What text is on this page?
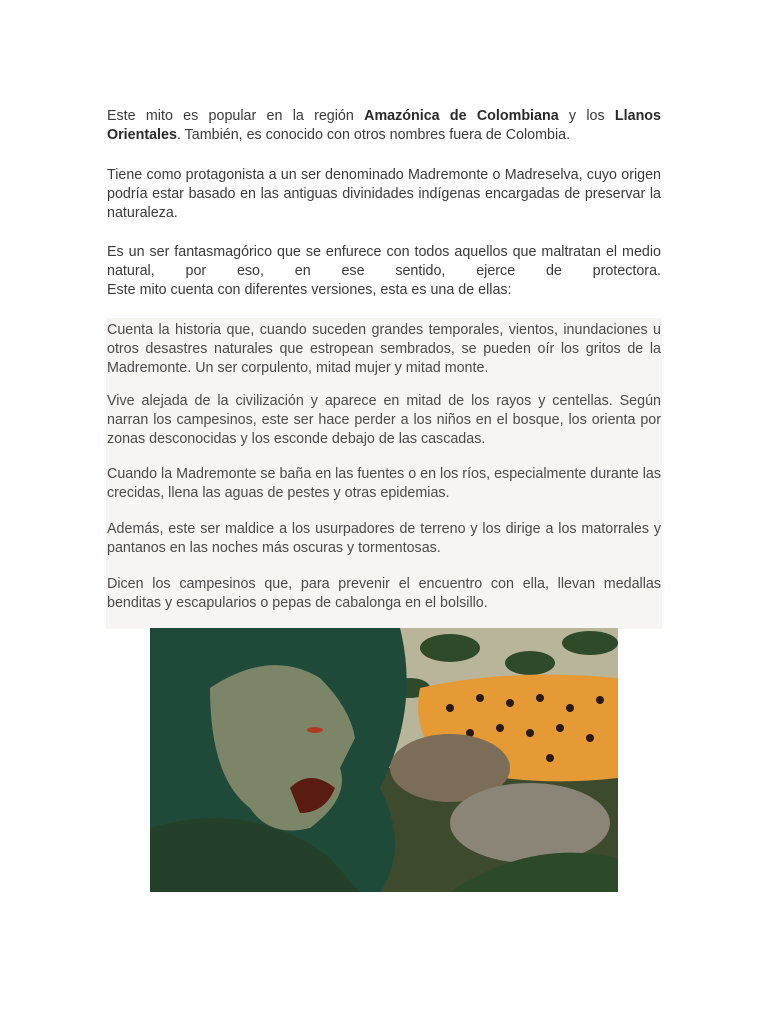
Este mito es popular en la región Amazónica de Colombiana y los Llanos Orientales. También, es conocido con otros nombres fuera de Colombia.

Tiene como protagonista a un ser denominado Madremonte o Madreselva, cuyo origen podría estar basado en las antiguas divinidades indígenas encargadas de preservar la naturaleza.

Es un ser fantasmagórico que se enfurece con todos aquellos que maltratan el medio natural, por eso, en ese sentido, ejerce de protectora.
Este mito cuenta con diferentes versiones, esta es una de ellas:

Cuenta la historia que, cuando suceden grandes temporales, vientos, inundaciones u otros desastres naturales que estropean sembrados, se pueden oír los gritos de la Madremonte. Un ser corpulento, mitad mujer y mitad monte.

Vive alejada de la civilización y aparece en mitad de los rayos y centellas. Según narran los campesinos, este ser hace perder a los niños en el bosque, los orienta por zonas desconocidas y los esconde debajo de las cascadas.

Cuando la Madremonte se baña en las fuentes o en los ríos, especialmente durante las crecidas, llena las aguas de pestes y otras epidemias.

Además, este ser maldice a los usurpadores de terreno y los dirige a los matorrales y pantanos en las noches más oscuras y tormentosas.

Dicen los campesinos que, para prevenir el encuentro con ella, llevan medallas benditas y escapularios o pepas de cabalonga en el bolsillo.
